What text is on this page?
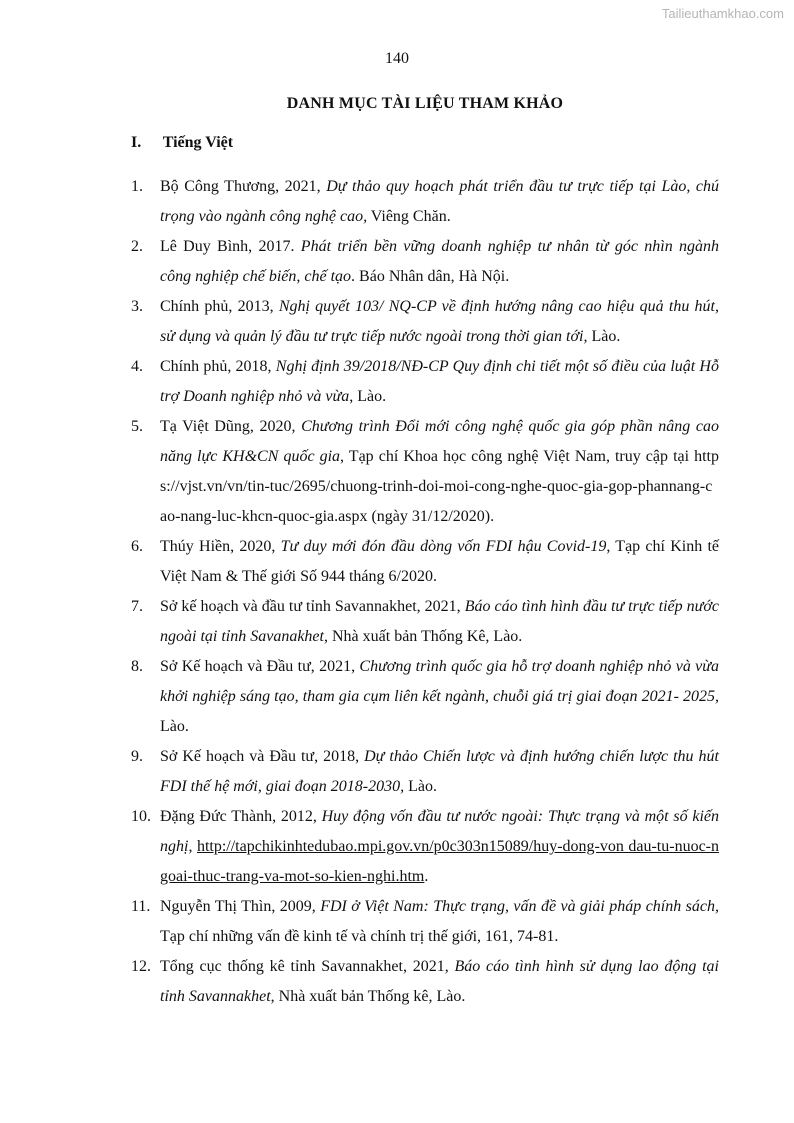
Tailieuthamkhao.com
140
DANH MỤC TÀI LIỆU THAM KHẢO
I. Tiếng Việt
1. Bộ Công Thương, 2021, Dự thảo quy hoạch phát triển đầu tư trực tiếp tại Lào, chú trọng vào ngành công nghệ cao, Viêng Chăn.
2. Lê Duy Bình, 2017. Phát triển bền vững doanh nghiệp tư nhân từ góc nhìn ngành công nghiệp chế biến, chế tạo. Báo Nhân dân, Hà Nội.
3. Chính phủ, 2013, Nghị quyết 103/ NQ-CP về định hướng nâng cao hiệu quả thu hút, sử dụng và quản lý đầu tư trực tiếp nước ngoài trong thời gian tới, Lào.
4. Chính phủ, 2018, Nghị định 39/2018/NĐ-CP Quy định chi tiết một số điều của luật Hỗ trợ Doanh nghiệp nhỏ và vừa, Lào.
5. Tạ Việt Dũng, 2020, Chương trình Đổi mới công nghệ quốc gia góp phần nâng cao năng lực KH&CN quốc gia, Tạp chí Khoa học công nghệ Việt Nam, truy cập tại https://vjst.vn/vn/tin-tuc/2695/chuong-trinh-doi-moi-cong-nghe-quoc-gia-gop-phannang-cao-nang-luc-khcn-quoc-gia.aspx (ngày 31/12/2020).
6. Thúy Hiền, 2020, Tư duy mới đón đầu dòng vốn FDI hậu Covid-19, Tạp chí Kinh tế Việt Nam & Thế giới Số 944 tháng 6/2020.
7. Sở kế hoạch và đầu tư tỉnh Savannakhet, 2021, Báo cáo tình hình đầu tư trực tiếp nước ngoài tại tỉnh Savanakhet, Nhà xuất bản Thống Kê, Lào.
8. Sở Kế hoạch và Đầu tư, 2021, Chương trình quốc gia hỗ trợ doanh nghiệp nhỏ và vừa khởi nghiệp sáng tạo, tham gia cụm liên kết ngành, chuỗi giá trị giai đoạn 2021- 2025, Lào.
9. Sở Kế hoạch và Đầu tư, 2018, Dự thảo Chiến lược và định hướng chiến lược thu hút FDI thế hệ mới, giai đoạn 2018-2030, Lào.
10. Đặng Đức Thành, 2012, Huy động vốn đầu tư nước ngoài: Thực trạng và một số kiến nghị, http://tapchikinhtedubao.mpi.gov.vn/p0c303n15089/huy-dong-von dau-tu-nuoc-ngoai-thuc-trang-va-mot-so-kien-nghi.htm.
11. Nguyễn Thị Thìn, 2009, FDI ở Việt Nam: Thực trạng, vấn đề và giải pháp chính sách, Tạp chí những vấn đề kinh tế và chính trị thế giới, 161, 74-81.
12. Tổng cục thống kê tỉnh Savannakhet, 2021, Báo cáo tình hình sử dụng lao động tại tỉnh Savannakhet, Nhà xuất bản Thống kê, Lào.
